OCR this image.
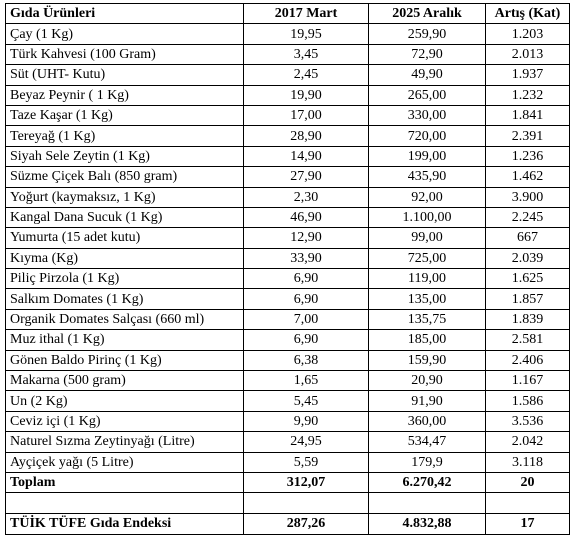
Gıda Ürünleri	2017 Mart	2025 Aralık	Artış (Kat)
Çay (1 Kg)	19,95	259,90	1.203
Türk Kahvesi (100 Gram)	3,45	72,90	2.013
Süt (UHT- Kutu)	2,45	49,90	1.937
Beyaz Peynir ( 1 Kg)	19,90	265,00	1.232
Taze Kaşar (1 Kg)	17,00	330,00	1.841
Tereyağ (1 Kg)	28,90	720,00	2.391
Siyah Sele Zeytin (1 Kg)	14,90	199,00	1.236
Süzme Çiçek Balı (850 gram)	27,90	435,90	1.462
Yoğurt (kaymaksız, 1 Kg)	2,30	92,00	3.900
Kangal Dana Sucuk (1 Kg)	46,90	1.100,00	2.245
Yumurta (15 adet kutu)	12,90	99,00	667
Kıyma (Kg)	33,90	725,00	2.039
Piliç Pirzola (1 Kg)	6,90	119,00	1.625
Salkım Domates (1 Kg)	6,90	135,00	1.857
Organik Domates Salçası (660 ml)	7,00	135,75	1.839
Muz ithal (1 Kg)	6,90	185,00	2.581
Gönen Baldo Pirinç (1 Kg)	6,38	159,90	2.406
Makarna (500 gram)	1,65	20,90	1.167
Un (2 Kg)	5,45	91,90	1.586
Ceviz içi (1 Kg)	9,90	360,00	3.536
Naturel Sızma Zeytinyağı (Litre)	24,95	534,47	2.042
Ayçiçek yağı (5 Litre)	5,59	179,9	3.118
Toplam	312,07	6.270,42	20

TÜİK TÜFE Gıda Endeksi	287,26	4.832,88	17
